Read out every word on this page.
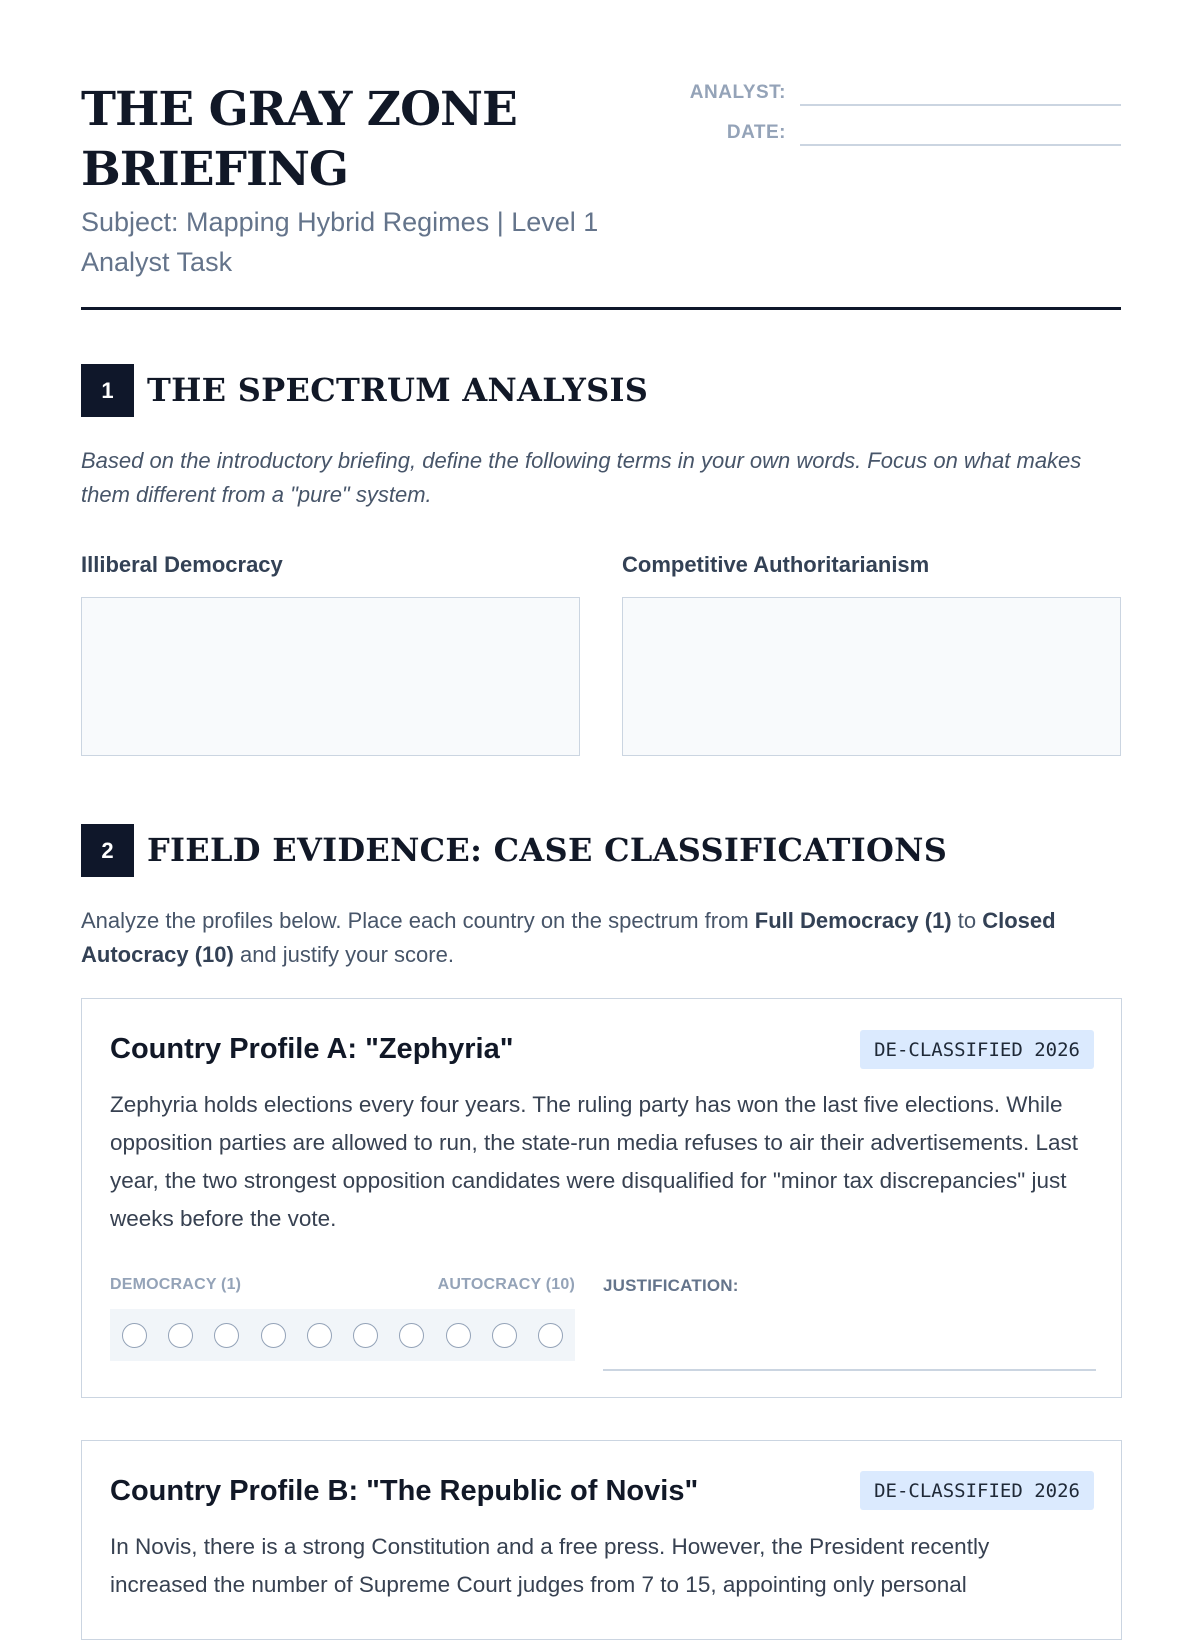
THE GRAY ZONE BRIEFING

Subject: Mapping Hybrid Regimes | Level 1 Analyst Task

ANALYST:
DATE:
1	THE SPECTRUM ANALYSIS

Based on the introductory briefing, define the following terms in your own words. Focus on what makes them different from a "pure" system.

Illiberal Democracy	Competitive Authoritarianism
2	FIELD EVIDENCE: CASE CLASSIFICATIONS

Analyze the profiles below. Place each country on the spectrum from Full Democracy (1) to Closed Autocracy (10) and justify your score.

Country Profile A: "Zephyria"	DE-CLASSIFIED 2026

Zephyria holds elections every four years. The ruling party has won the last five elections. While opposition parties are allowed to run, the state-run media refuses to air their advertisements. Last year, the two strongest opposition candidates were disqualified for "minor tax discrepancies" just weeks before the vote.

DEMOCRACY (1)	AUTOCRACY (10) JUSTIFICATION:
Country Profile B: "The Republic of Novis"	DE-CLASSIFIED 2026

In Novis, there is a strong Constitution and a free press. However, the President recently increased the number of Supreme Court judges from 7 to 15, appointing only personal
